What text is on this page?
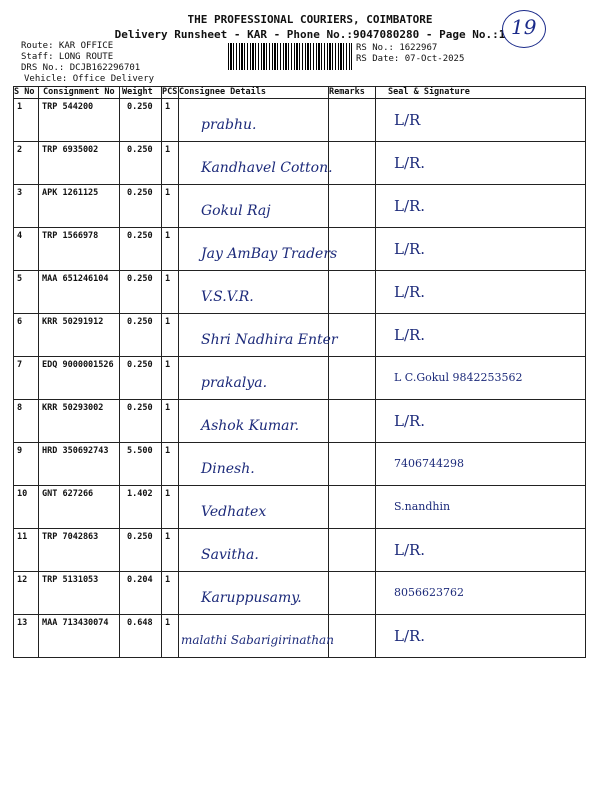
THE PROFESSIONAL COURIERS, COIMBATORE
Delivery Runsheet - KAR - Phone No.:9047080280 - Page No.:1 19
Route: KAR OFFICE
Staff: LONG ROUTE
DRS No.: DCJB162296701
Vehicle: Office Delivery
RS No.: 1622967
RS Date: 07-Oct-2025
S No	Consignment No	Weight	PCS	Consignee Details	Remarks	Seal & Signature
1	TRP 544200	0.250	1	prabhu.		L/R

2	TRP 6935002	0.250	1	Kandhavel Cotton.		L/R.

3	APK 1261125	0.250	1	Gokul Raj		L/R.

4	TRP 1566978	0.250	1	Jay AmBay Traders		L/R.

5	MAA 651246104	0.250	1	V.S.V.R.		L/R.

6	KRR 50291912	0.250	1	Shri Nadhira Enter		L/R.

7	EDQ 9000001526	0.250	1	prakalya.		L C.Gokul 9842253562

8	KRR 50293002	0.250	1	Ashok Kumar.		L/R.

9	HRD 350692743	5.500	1	Dinesh.		7406744298

10	GNT 627266	1.402	1	Vedhatex		S.nandhin

11	TRP 7042863	0.250	1	Savitha.		L/R.

12	TRP 5131053	0.204	1	Karuppusamy.		8056623762

13	MAA 713430074	0.648	1	malathi Sabarigirinathan		L/R.
